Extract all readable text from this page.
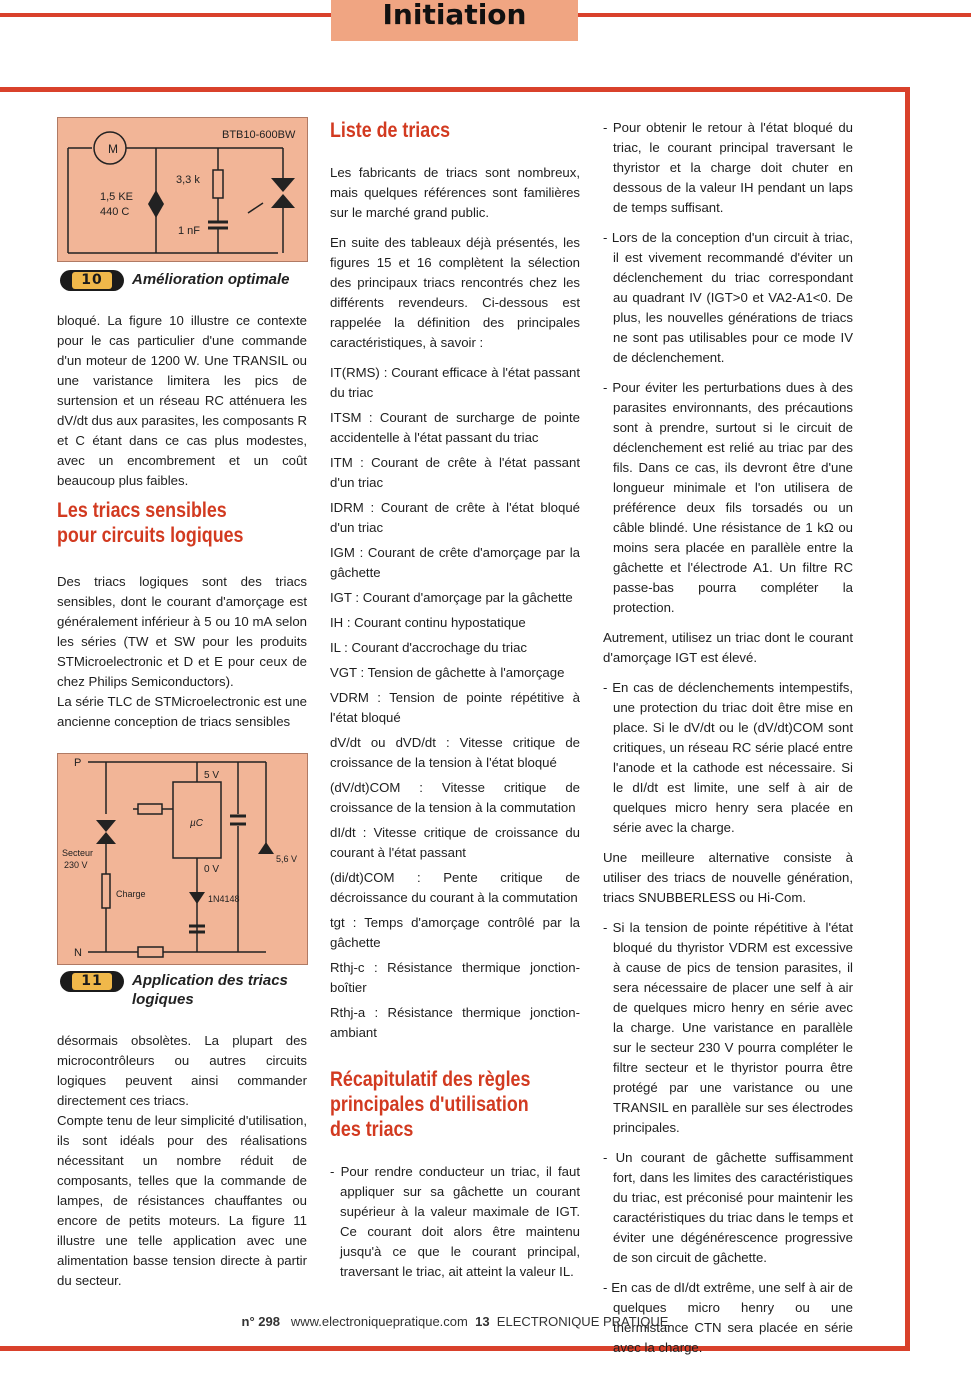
Initiation
M
BTB10-600BW
3,3 k
1,5 KE
440 C
1 nF
10	Amélioration optimale

bloqué. La figure 10 illustre ce contexte pour le cas particulier d'une commande d'un moteur de 1200 W. Une TRANSIL ou une varistance limitera les pics de surtension et un réseau RC atténuera les dV/dt dus aux parasites, les composants R et C étant dans ce cas plus modestes, avec un encombrement et un coût beaucoup plus faibles.

Les triacs sensibles
pour circuits logiques

Des triacs logiques sont des triacs sensibles, dont le courant d'amorçage est généralement inférieur à 5 ou 10 mA selon les séries (TW et SW pour les produits STMicroelectronic et D et E pour ceux de chez Philips Semiconductors).

La série TLC de STMicroelectronic est une ancienne conception de triacs sensibles

P
N
5 V
µC
0 V
Secteur
230 V
Charge	1N4148
5,6 V
11	Application des triacs logiques

désormais obsolètes. La plupart des microcontrôleurs ou autres circuits logiques peuvent ainsi commander directement ces triacs.

Compte tenu de leur simplicité d'utilisation, ils sont idéals pour des réalisations nécessitant un nombre réduit de composants, telles que la commande de lampes, de résistances chauffantes ou encore de petits moteurs. La figure 11 illustre une telle application avec une alimentation basse tension directe à partir du secteur.

Liste de triacs

Les fabricants de triacs sont nombreux, mais quelques références sont familières sur le marché grand public.

En suite des tableaux déjà présentés, les figures 15 et 16 complètent la sélection des principaux triacs rencontrés chez les différents revendeurs. Ci-dessous est rappelée la définition des principales caractéristiques, à savoir :

IT(RMS) : Courant efficace à l'état passant du triac

ITSM : Courant de surcharge de pointe accidentelle à l'état passant du triac

ITM : Courant de crête à l'état passant d'un triac

IDRM : Courant de crête à l'état bloqué d'un triac

IGM : Courant de crête d'amorçage par la gâchette

IGT : Courant d'amorçage par la gâchette

IH : Courant continu hypostatique

IL : Courant d'accrochage du triac

VGT : Tension de gâchette à l'amorçage

VDRM : Tension de pointe répétitive à l'état bloqué

dV/dt ou dVD/dt : Vitesse critique de croissance de la tension à l'état bloqué

(dV/dt)COM : Vitesse critique de croissance de la tension à la commutation

dI/dt : Vitesse critique de croissance du courant à l'état passant

(di/dt)COM : Pente critique de décroissance du courant à la commutation

tgt : Temps d'amorçage contrôlé par la gâchette

Rthj-c : Résistance thermique jonction-boîtier

Rthj-a : Résistance thermique jonction-ambiant

Récapitulatif des règles
principales d'utilisation
des triacs

- Pour rendre conducteur un triac, il faut appliquer sur sa gâchette un courant supérieur à la valeur maximale de IGT. Ce courant doit alors être maintenu jusqu'à ce que le courant principal, traversant le triac, ait atteint la valeur IL.

- Pour obtenir le retour à l'état bloqué du triac, le courant principal traversant le thyristor et la charge doit chuter en dessous de la valeur IH pendant un laps de temps suffisant.

- Lors de la conception d'un circuit à triac, il est vivement recommandé d'éviter un déclenchement du triac correspondant au quadrant IV (IGT>0 et VA2-A1<0. De plus, les nouvelles générations de triacs ne sont pas utilisables pour ce mode IV de déclenchement.

- Pour éviter les perturbations dues à des parasites environnants, des précautions sont à prendre, surtout si le circuit de déclenchement est relié au triac par des fils. Dans ce cas, ils devront être d'une longueur minimale et l'on utilisera de préférence deux fils torsadés ou un câble blindé. Une résistance de 1 kΩ ou moins sera placée en parallèle entre la gâchette et l'électrode A1. Un filtre RC passe-bas pourra compléter la protection.

Autrement, utilisez un triac dont le courant d'amorçage IGT est élevé.

- En cas de déclenchements intempestifs, une protection du triac doit être mise en place. Si le dV/dt ou le (dV/dt)COM sont critiques, un réseau RC série placé entre l'anode et la cathode est nécessaire. Si le dI/dt est limite, une self à air de quelques micro henry sera placée en série avec la charge.

Une meilleure alternative consiste à utiliser des triacs de nouvelle génération, triacs SNUBBERLESS ou Hi-Com.

- Si la tension de pointe répétitive à l'état bloqué du thyristor VDRM est excessive à cause de pics de tension parasites, il sera nécessaire de placer une self à air de quelques micro henry en série avec la charge. Une varistance en parallèle sur le secteur 230 V pourra compléter le filtre secteur et le thyristor pourra être protégé par une varistance ou une TRANSIL en parallèle sur ses électrodes principales.

- Un courant de gâchette suffisamment fort, dans les limites des caractéristiques du triac, est préconisé pour maintenir les caractéristiques du triac dans le temps et éviter une dégénérescence progressive de son circuit de gâchette.

- En cas de dI/dt extrême, une self à air de quelques micro henry ou une thermistance CTN sera placée en série avec la charge.

n° 298 www.electroniquepratique.com 13 ELECTRONIQUE PRATIQUE
